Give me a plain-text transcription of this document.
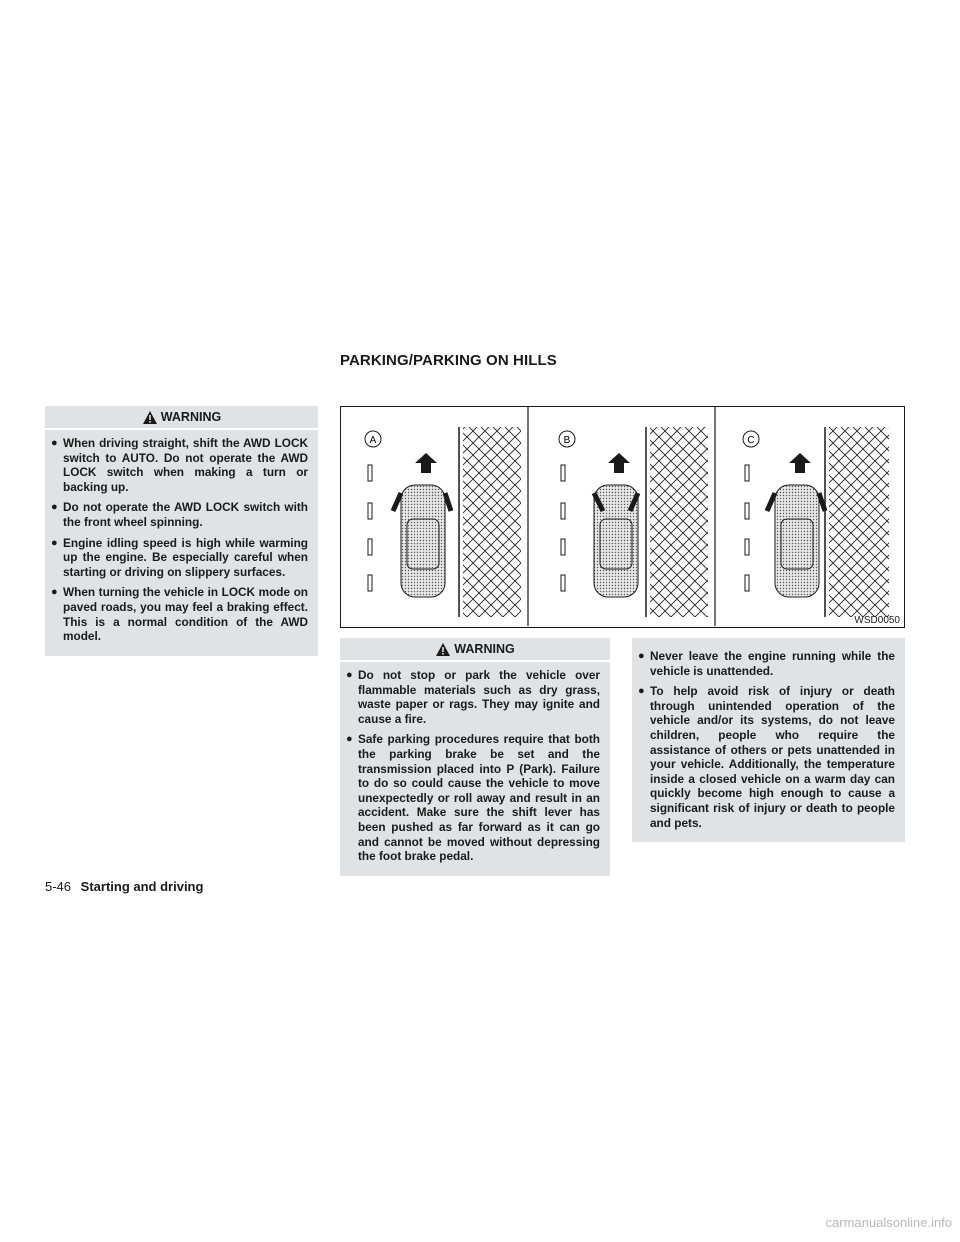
PARKING/PARKING ON HILLS
WARNING
● When driving straight, shift the AWD LOCK switch to AUTO. Do not operate the AWD LOCK switch when making a turn or backing up.
● Do not operate the AWD LOCK switch with the front wheel spinning.
● Engine idling speed is high while warming up the engine. Be especially careful when starting or driving on slippery surfaces.
● When turning the vehicle in LOCK mode on paved roads, you may feel a braking effect. This is a normal condition of the AWD model.
A	B	C
WSD0050
WARNING
● Do not stop or park the vehicle over flammable materials such as dry grass, waste paper or rags. They may ignite and cause a fire.
● Safe parking procedures require that both the parking brake be set and the transmission placed into P (Park). Failure to do so could cause the vehicle to move unexpectedly or roll away and result in an accident. Make sure the shift lever has been pushed as far forward as it can go and cannot be moved without depressing the foot brake pedal.
● Never leave the engine running while the vehicle is unattended.
● To help avoid risk of injury or death through unintended operation of the vehicle and/or its systems, do not leave children, people who require the assistance of others or pets unattended in your vehicle. Additionally, the temperature inside a closed vehicle on a warm day can quickly become high enough to cause a significant risk of injury or death to people and pets.
5-46 Starting and driving
carmanualsonline.info
